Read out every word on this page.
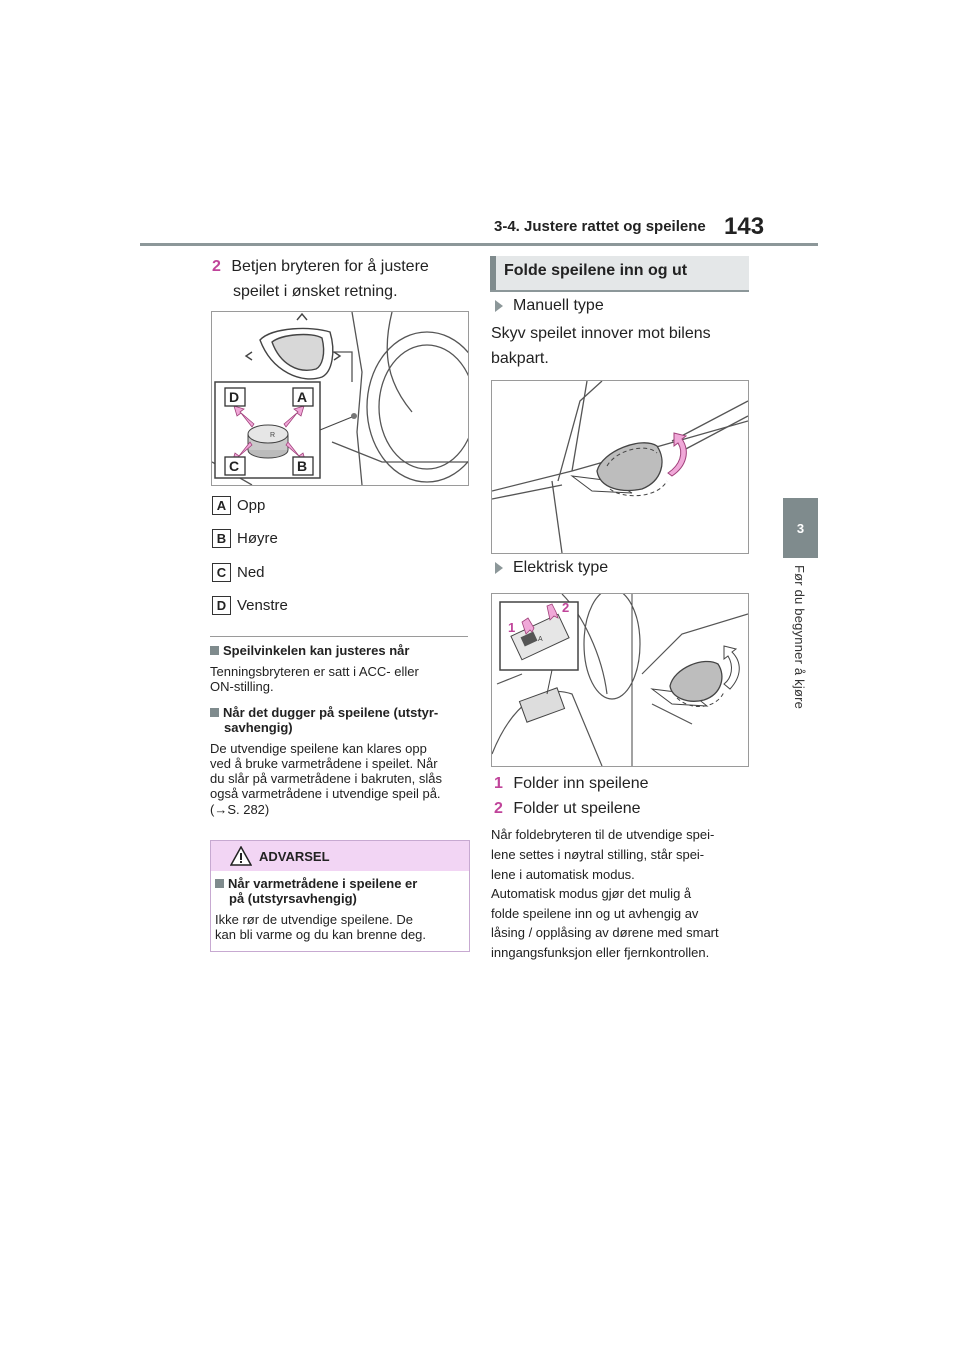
3-4. Justere rattet og speilene 143
3
Før du begynner å kjøre
2 Betjen bryteren for å justere
speilet i ønsket retning.
R
D	A
C	B
A Opp
B Høyre
C Ned
D Venstre
Speilvinkelen kan justeres når
Tenningsbryteren er satt i ACC- eller
ON-stilling.
Når det dugger på speilene (utstyr-
savhengig)
De utvendige speilene kan klares opp
ved å bruke varmetrådene i speilet. Når
du slår på varmetrådene i bakruten, slås
også varmetrådene i utvendige speil på.
(→S. 282)
ADVARSEL
Når varmetrådene i speilene er
på (utstyrsavhengig)
Ikke rør de utvendige speilene. De
kan bli varme og du kan brenne deg.
Folde speilene inn og ut
Manuell type
Skyv speilet innover mot bilens
bakpart.
Elektrisk type
A
1
2
1 Folder inn speilene
2 Folder ut speilene
Når foldebryteren til de utvendige spei-
lene settes i nøytral stilling, står spei-
lene i automatisk modus.
Automatisk modus gjør det mulig å
folde speilene inn og ut avhengig av
låsing / opplåsing av dørene med smart
inngangsfunksjon eller fjernkontrollen.
